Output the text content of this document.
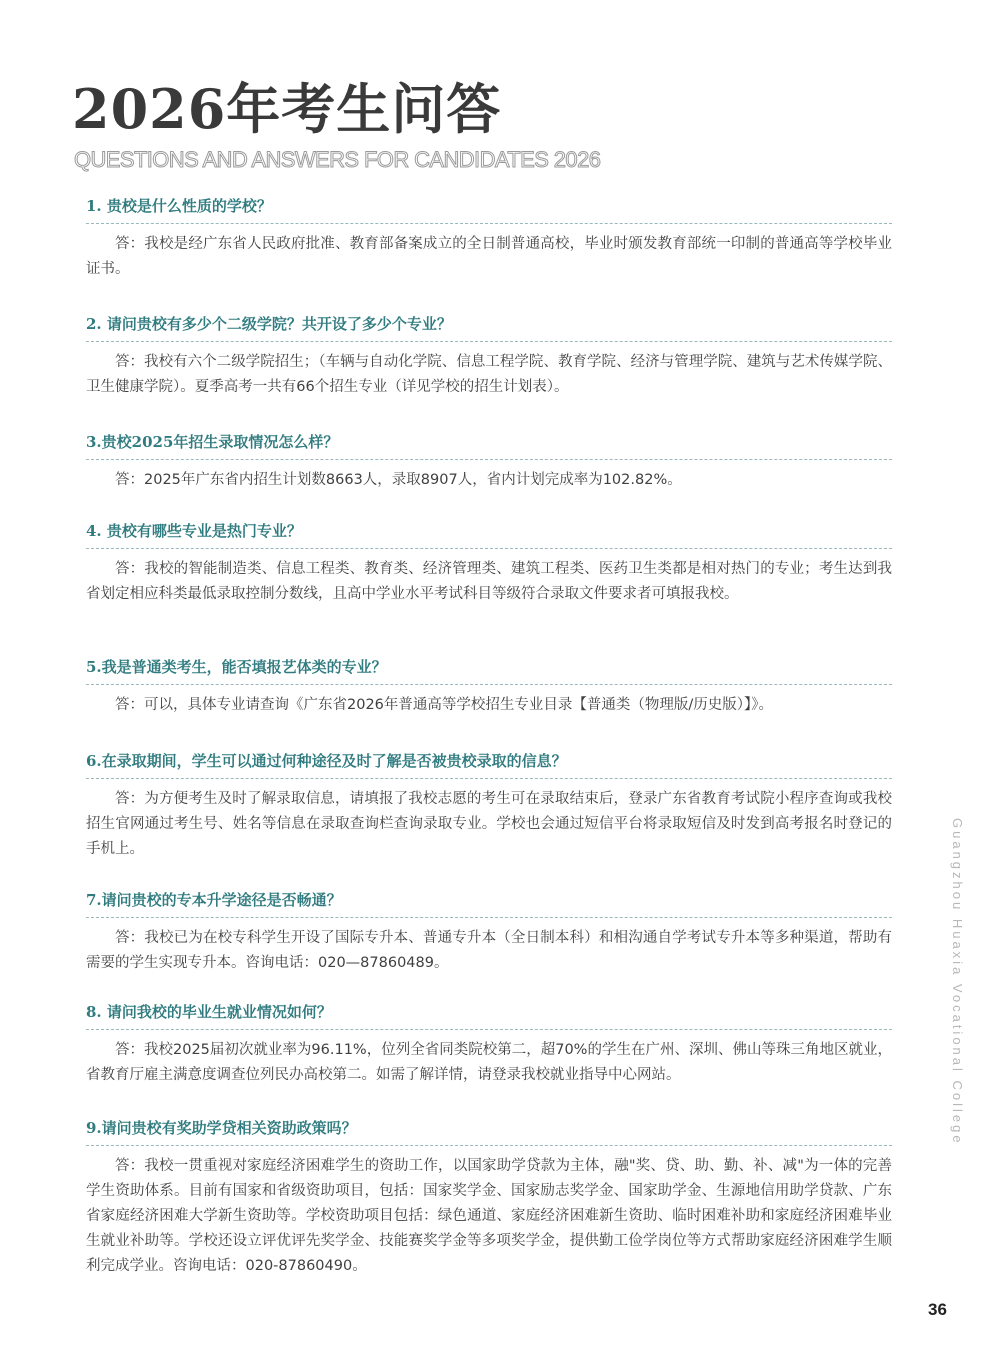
2026年考生问答
QUESTIONS AND ANSWERS FOR CANDIDATES 2026
1. 贵校是什么性质的学校？

答：我校是经广东省人民政府批准、教育部备案成立的全日制普通高校，毕业时颁发教育部统一印制的普通高等学校毕业证书。

2. 请问贵校有多少个二级学院？共开设了多少个专业？

答：我校有六个二级学院招生；（车辆与自动化学院、信息工程学院、教育学院、经济与管理学院、建筑与艺术传媒学院、卫生健康学院）。夏季高考一共有66个招生专业（详见学校的招生计划表）。

3.贵校2025年招生录取情况怎么样？

答：2025年广东省内招生计划数8663人，录取8907人，省内计划完成率为102.82%。

4. 贵校有哪些专业是热门专业？

答：我校的智能制造类、信息工程类、教育类、经济管理类、建筑工程类、医药卫生类都是相对热门的专业；考生达到我省划定相应科类最低录取控制分数线，且高中学业水平考试科目等级符合录取文件要求者可填报我校。

5.我是普通类考生，能否填报艺体类的专业？

答：可以，具体专业请查询《广东省2026年普通高等学校招生专业目录【普通类（物理版/历史版）】》。

6.在录取期间，学生可以通过何种途径及时了解是否被贵校录取的信息？

答：为方便考生及时了解录取信息，请填报了我校志愿的考生可在录取结束后，登录广东省教育考试院小程序查询或我校招生官网通过考生号、姓名等信息在录取查询栏查询录取专业。学校也会通过短信平台将录取短信及时发到高考报名时登记的手机上。

7.请问贵校的专本升学途径是否畅通？

答：我校已为在校专科学生开设了国际专升本、普通专升本（全日制本科）和相沟通自学考试专升本等多种渠道，帮助有需要的学生实现专升本。咨询电话：020—87860489。

8. 请问我校的毕业生就业情况如何？

答：我校2025届初次就业率为96.11%，位列全省同类院校第二，超70%的学生在广州、深圳、佛山等珠三角地区就业，省教育厅雇主满意度调查位列民办高校第二。如需了解详情，请登录我校就业指导中心网站。

9.请问贵校有奖助学贷相关资助政策吗？

答：我校一贯重视对家庭经济困难学生的资助工作，以国家助学贷款为主体，融"奖、贷、助、勤、补、减"为一体的完善学生资助体系。目前有国家和省级资助项目，包括：国家奖学金、国家励志奖学金、国家助学金、生源地信用助学贷款、广东省家庭经济困难大学新生资助等。学校资助项目包括：绿色通道、家庭经济困难新生资助、临时困难补助和家庭经济困难毕业生就业补助等。学校还设立评优评先奖学金、技能赛奖学金等多项奖学金，提供勤工俭学岗位等方式帮助家庭经济困难学生顺利完成学业。咨询电话：020-87860490。

Guangzhou Huaxia Vocational College
36
